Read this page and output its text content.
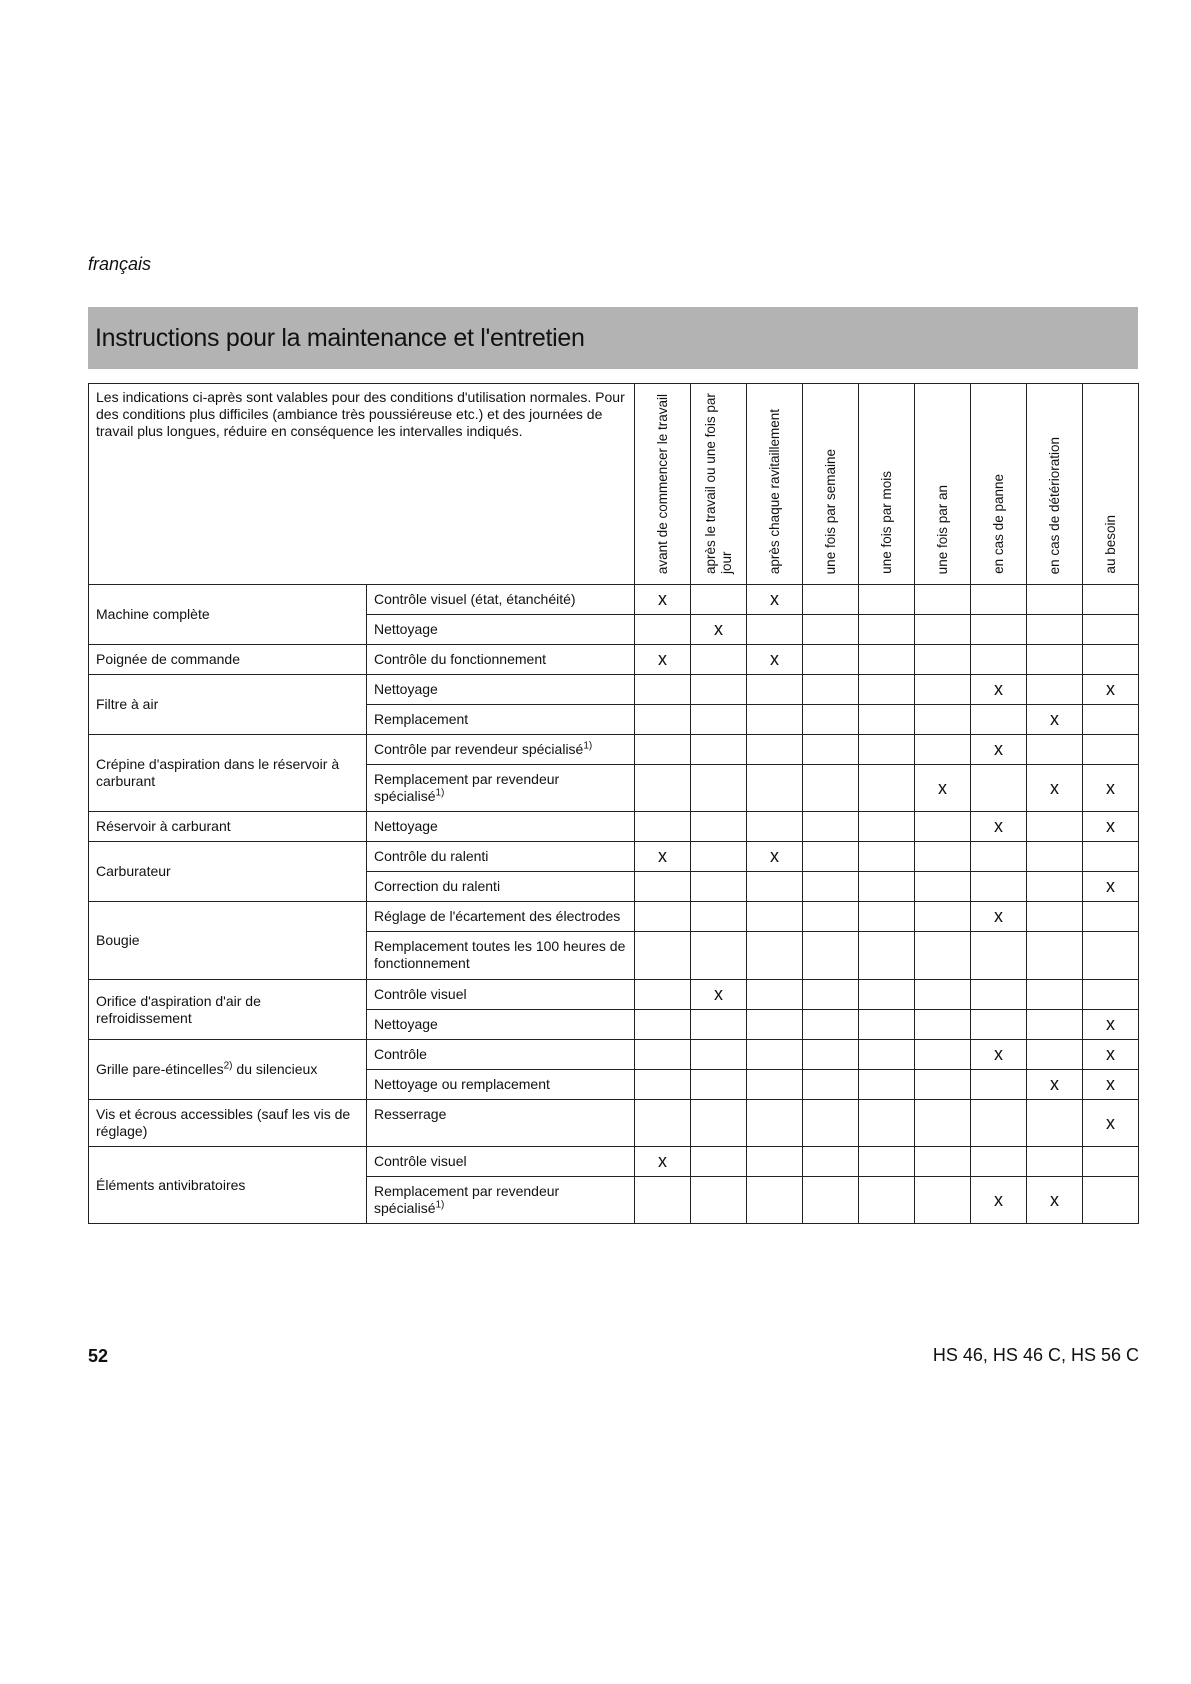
français
Instructions pour la maintenance et l'entretien
Les indications ci-après sont valables pour des conditions d'utilisation normales. Pour des conditions plus difficiles (ambiance très poussiéreuse etc.) et des journées de travail plus longues, réduire en conséquence les intervalles indiqués.		avant de commencer le travail	après le travail ou une fois par jour	après chaque ravitaillement	une fois par semaine	une fois par mois	une fois par an	en cas de panne	en cas de détérioration	au besoin

Machine complète	Contrôle visuel (état, étanchéité)	x		x						
	Nettoyage		x							
Poignée de commande	Contrôle du fonctionnement	x		x						
Filtre à air	Nettoyage							x		x
	Remplacement								x	
Crépine d'aspiration dans le réservoir à carburant	Contrôle par revendeur spécialisé$^{1)}$							x		
	Remplacement par revendeur spécialisé$^{1)}$						x		x	x
Réservoir à carburant	Nettoyage							x		x
Carburateur	Contrôle du ralenti	x		x						
	Correction du ralenti									x
Bougie	Réglage de l'écartement des électrodes							x		
	Remplacement toutes les 100 heures de fonctionnement									
Orifice d'aspiration d'air de refroidissement	Contrôle visuel		x							
	Nettoyage									x
Grille pare-étincelles$^{2)}$ du silencieux	Contrôle							x		x
	Nettoyage ou remplacement								x	x
Vis et écrous accessibles (sauf les vis de réglage)	Resserrage									x
Éléments antivibratoires	Contrôle visuel	x								
	Remplacement par revendeur spécialisé$^{1)}$							x	x	
52	HS 46, HS 46 C, HS 56 C
